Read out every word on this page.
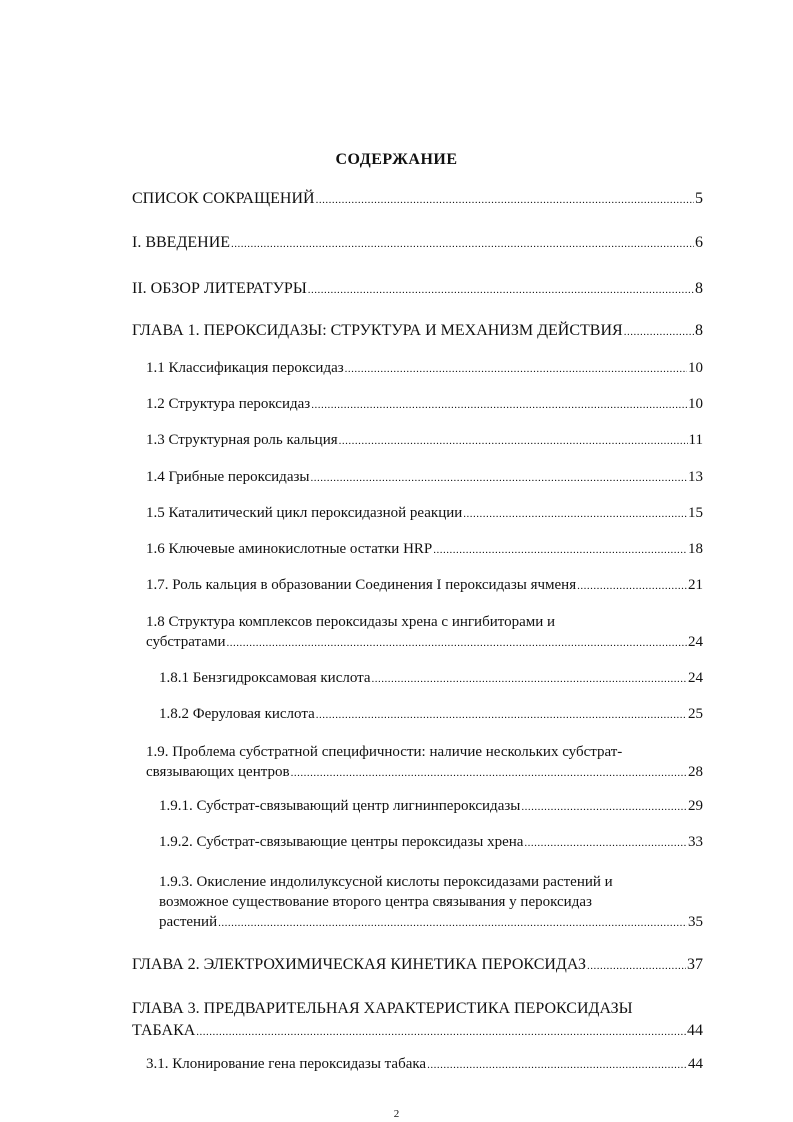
СОДЕРЖАНИЕ
СПИСОК СОКРАЩЕНИЙ .....	5
I. ВВЕДЕНИЕ .....	6
II. ОБЗОР ЛИТЕРАТУРЫ .....	8
ГЛАВА 1. ПЕРОКСИДАЗЫ: СТРУКТУРА И МЕХАНИЗМ ДЕЙСТВИЯ .....	8
1.1 Классификация пероксидаз .....	10
1.2 Структура пероксидаз .....	10
1.3 Структурная роль кальция .....	11
1.4 Грибные пероксидазы .....	13
1.5 Каталитический цикл пероксидазной реакции .....	15
1.6 Ключевые аминокислотные остатки HRP .....	18
1.7. Роль кальция в образовании Соединения I пероксидазы ячменя .....	21
1.8 Структура комплексов пероксидазы хрена с ингибиторами и
субстратами .....	24
1.8.1 Бензгидроксамовая кислота .....	24
1.8.2 Феруловая кислота .....	25
1.9. Проблема субстратной специфичности: наличие нескольких субстрат-
связывающих центров .....	28
1.9.1. Субстрат-связывающий центр лигнинпероксидазы .....	29
1.9.2. Субстрат-связывающие центры пероксидазы хрена .....	33
1.9.3. Окисление индолилуксусной кислоты пероксидазами растений и
возможное существование второго центра связывания у пероксидаз
растений .....	35
ГЛАВА 2. ЭЛЕКТРОХИМИЧЕСКАЯ КИНЕТИКА ПЕРОКСИДАЗ .....	37
ГЛАВА 3. ПРЕДВАРИТЕЛЬНАЯ ХАРАКТЕРИСТИКА ПЕРОКСИДАЗЫ
ТАБАКА .....	44
3.1. Клонирование гена пероксидазы табака .....	44
2
